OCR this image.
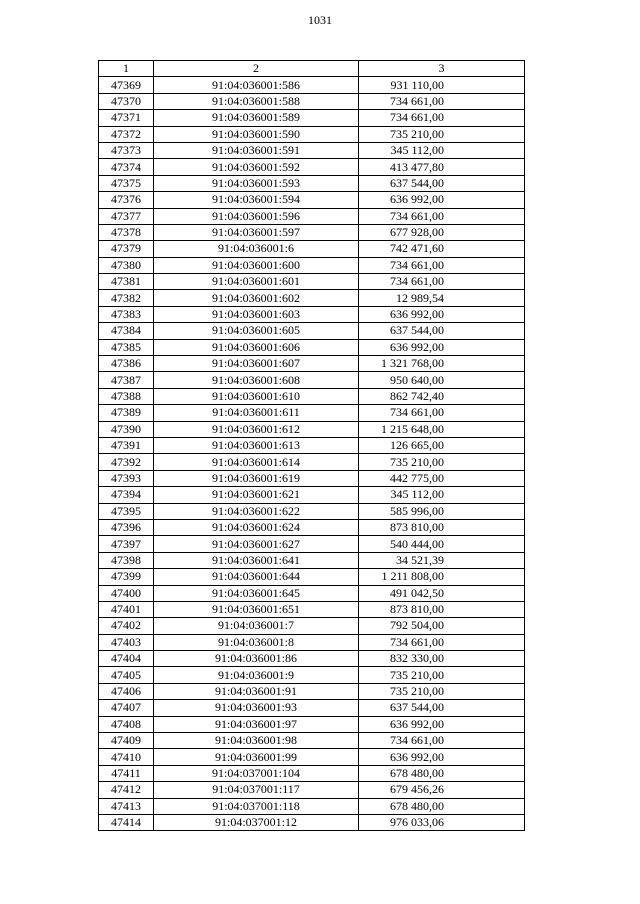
1031
1	2	3
47369	91:04:036001:586	931 110,00
47370	91:04:036001:588	734 661,00
47371	91:04:036001:589	734 661,00
47372	91:04:036001:590	735 210,00
47373	91:04:036001:591	345 112,00
47374	91:04:036001:592	413 477,80
47375	91:04:036001:593	637 544,00
47376	91:04:036001:594	636 992,00
47377	91:04:036001:596	734 661,00
47378	91:04:036001:597	677 928,00
47379	91:04:036001:6	742 471,60
47380	91:04:036001:600	734 661,00
47381	91:04:036001:601	734 661,00
47382	91:04:036001:602	12 989,54
47383	91:04:036001:603	636 992,00
47384	91:04:036001:605	637 544,00
47385	91:04:036001:606	636 992,00
47386	91:04:036001:607	1 321 768,00
47387	91:04:036001:608	950 640,00
47388	91:04:036001:610	862 742,40
47389	91:04:036001:611	734 661,00
47390	91:04:036001:612	1 215 648,00
47391	91:04:036001:613	126 665,00
47392	91:04:036001:614	735 210,00
47393	91:04:036001:619	442 775,00
47394	91:04:036001:621	345 112,00
47395	91:04:036001:622	585 996,00
47396	91:04:036001:624	873 810,00
47397	91:04:036001:627	540 444,00
47398	91:04:036001:641	34 521,39
47399	91:04:036001:644	1 211 808,00
47400	91:04:036001:645	491 042,50
47401	91:04:036001:651	873 810,00
47402	91:04:036001:7	792 504,00
47403	91:04:036001:8	734 661,00
47404	91:04:036001:86	832 330,00
47405	91:04:036001:9	735 210,00
47406	91:04:036001:91	735 210,00
47407	91:04:036001:93	637 544,00
47408	91:04:036001:97	636 992,00
47409	91:04:036001:98	734 661,00
47410	91:04:036001:99	636 992,00
47411	91:04:037001:104	678 480,00
47412	91:04:037001:117	679 456,26
47413	91:04:037001:118	678 480,00
47414	91:04:037001:12	976 033,06
